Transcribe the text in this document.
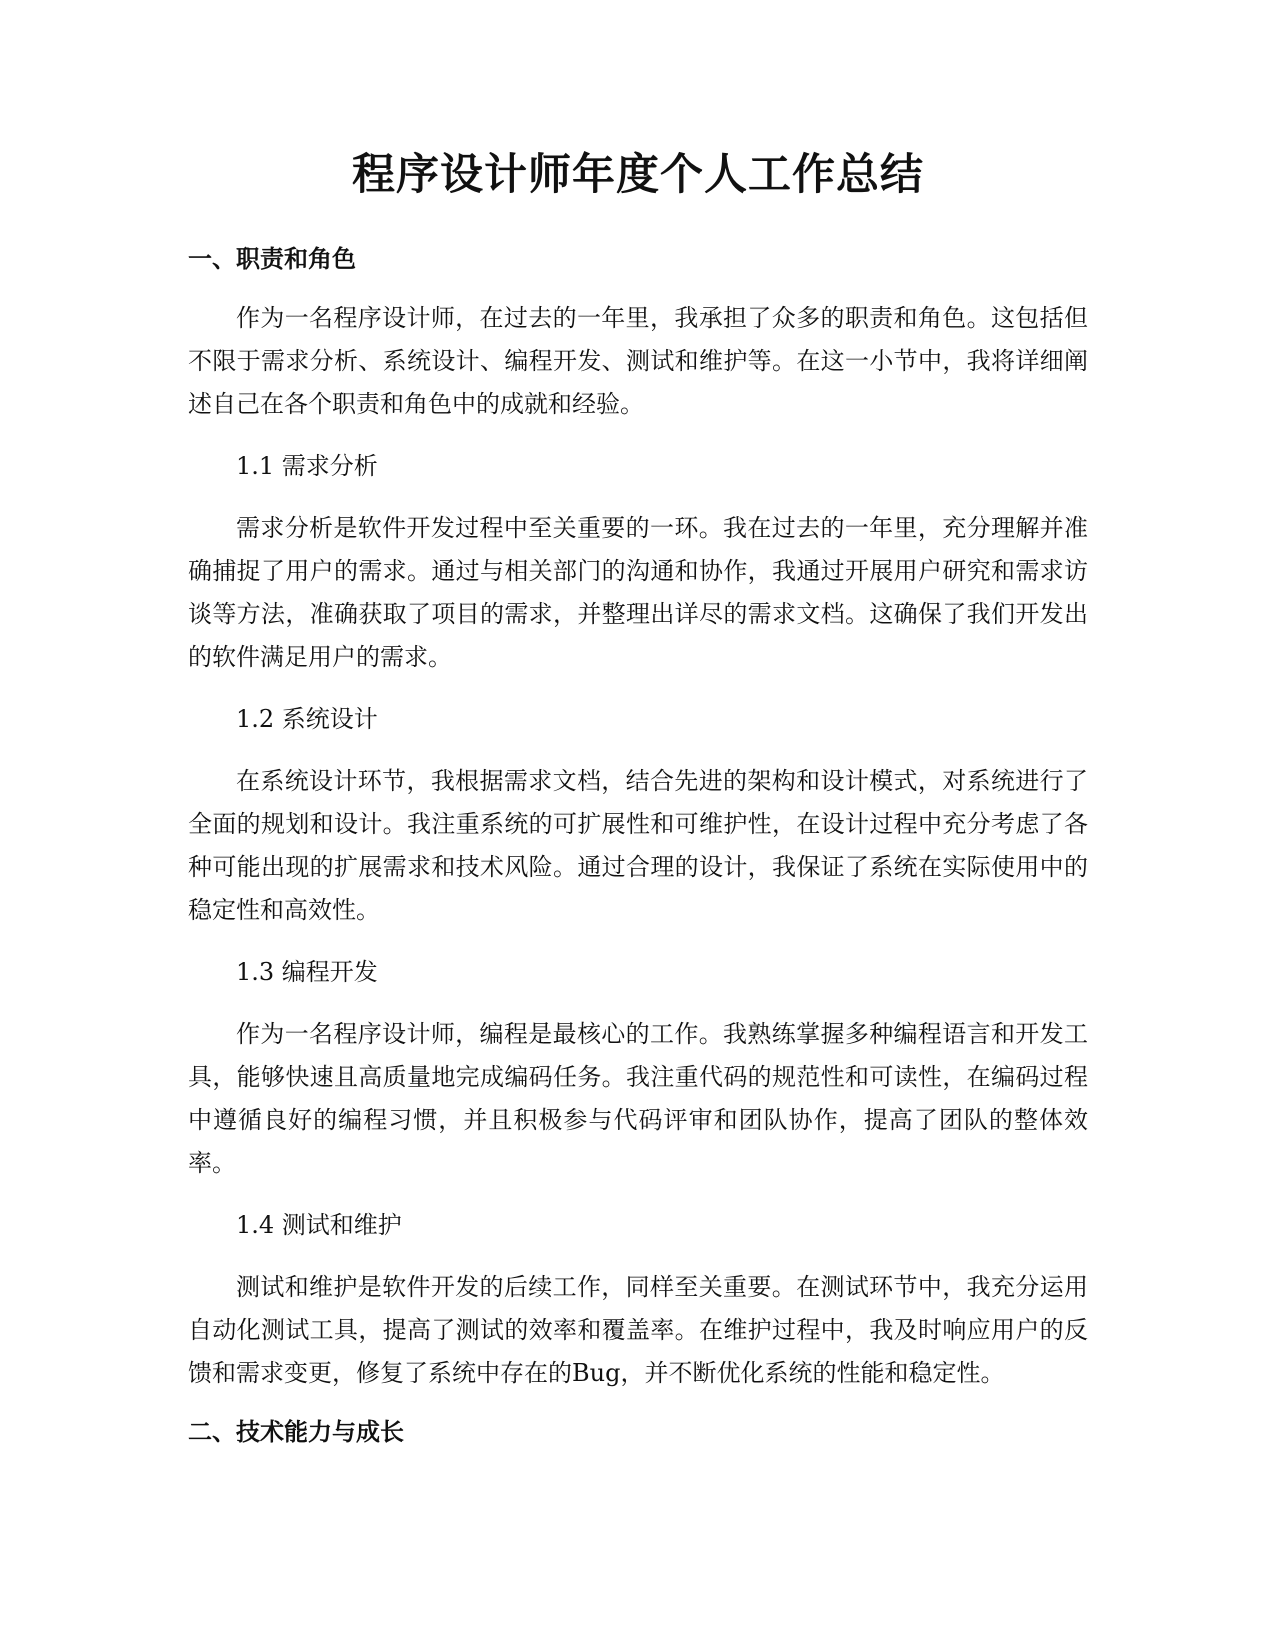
程序设计师年度个人工作总结
一、职责和角色

作为一名程序设计师，在过去的一年里，我承担了众多的职责和角色。这包括但不限于需求分析、系统设计、编程开发、测试和维护等。在这一小节中，我将详细阐述自己在各个职责和角色中的成就和经验。

1.1 需求分析

需求分析是软件开发过程中至关重要的一环。我在过去的一年里，充分理解并准确捕捉了用户的需求。通过与相关部门的沟通和协作，我通过开展用户研究和需求访谈等方法，准确获取了项目的需求，并整理出详尽的需求文档。这确保了我们开发出的软件满足用户的需求。

1.2 系统设计

在系统设计环节，我根据需求文档，结合先进的架构和设计模式，对系统进行了全面的规划和设计。我注重系统的可扩展性和可维护性，在设计过程中充分考虑了各种可能出现的扩展需求和技术风险。通过合理的设计，我保证了系统在实际使用中的稳定性和高效性。

1.3 编程开发

作为一名程序设计师，编程是最核心的工作。我熟练掌握多种编程语言和开发工具，能够快速且高质量地完成编码任务。我注重代码的规范性和可读性，在编码过程中遵循良好的编程习惯，并且积极参与代码评审和团队协作，提高了团队的整体效率。

1.4 测试和维护

测试和维护是软件开发的后续工作，同样至关重要。在测试环节中，我充分运用自动化测试工具，提高了测试的效率和覆盖率。在维护过程中，我及时响应用户的反馈和需求变更，修复了系统中存在的Bug，并不断优化系统的性能和稳定性。

二、技术能力与成长
